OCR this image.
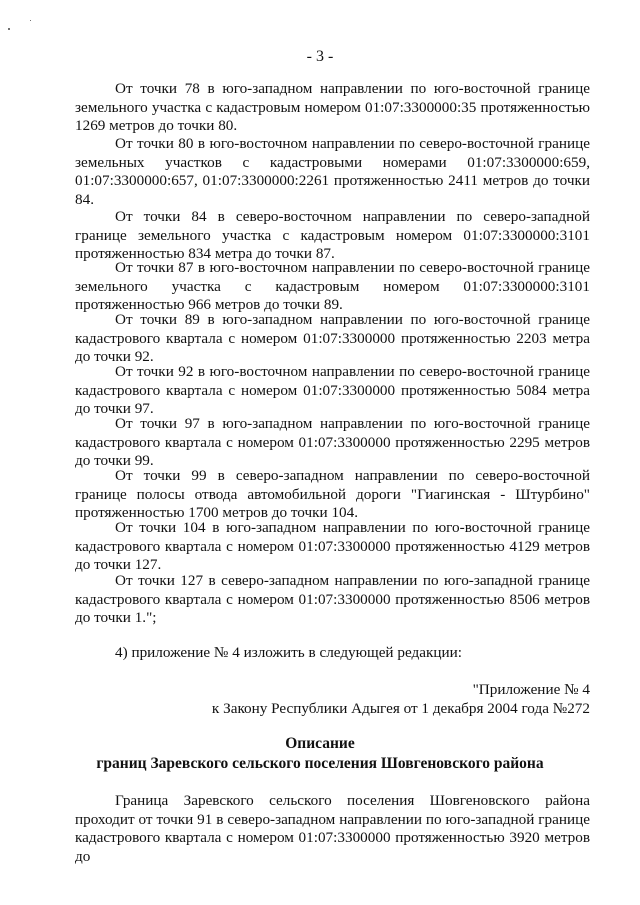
- 3 -

От точки 78 в юго-западном направлении по юго-восточной границе земельного участка с кадастровым номером 01:07:3300000:35 протяженностью 1269 метров до точки 80.

От точки 80 в юго-восточном направлении по северо-восточной границе земельных участков с кадастровыми номерами 01:07:3300000:659, 01:07:3300000:657, 01:07:3300000:2261 протяженностью 2411 метров до точки 84.

От точки 84 в северо-восточном направлении по северо-западной границе земельного участка с кадастровым номером 01:07:3300000:3101 протяженностью 834 метра до точки 87.

От точки 87 в юго-восточном направлении по северо-восточной границе земельного участка с кадастровым номером 01:07:3300000:3101 протяженностью 966 метров до точки 89.

От точки 89 в юго-западном направлении по юго-восточной границе кадастрового квартала с номером 01:07:3300000 протяженностью 2203 метра до точки 92.

От точки 92 в юго-восточном направлении по северо-восточной границе кадастрового квартала с номером 01:07:3300000 протяженностью 5084 метра до точки 97.

От точки 97 в юго-западном направлении по юго-восточной границе кадастрового квартала с номером 01:07:3300000 протяженностью 2295 метров до точки 99.

От точки 99 в северо-западном направлении по северо-восточной границе полосы отвода автомобильной дороги "Гиагинская - Штурбино" протяженностью 1700 метров до точки 104.

От точки 104 в юго-западном направлении по юго-восточной границе кадастрового квартала с номером 01:07:3300000 протяженностью 4129 метров до точки 127.

От точки 127 в северо-западном направлении по юго-западной границе кадастрового квартала с номером 01:07:3300000 протяженностью 8506 метров до точки 1.";

4) приложение № 4 изложить в следующей редакции:

"Приложение № 4
к Закону Республики Адыгея от 1 декабря 2004 года №272
Описание
границ Заревского сельского поселения Шовгеновского района

Граница Заревского сельского поселения Шовгеновского района проходит от точки 91 в северо-западном направлении по юго-западной границе кадастрового квартала с номером 01:07:3300000 протяженностью 3920 метров до
